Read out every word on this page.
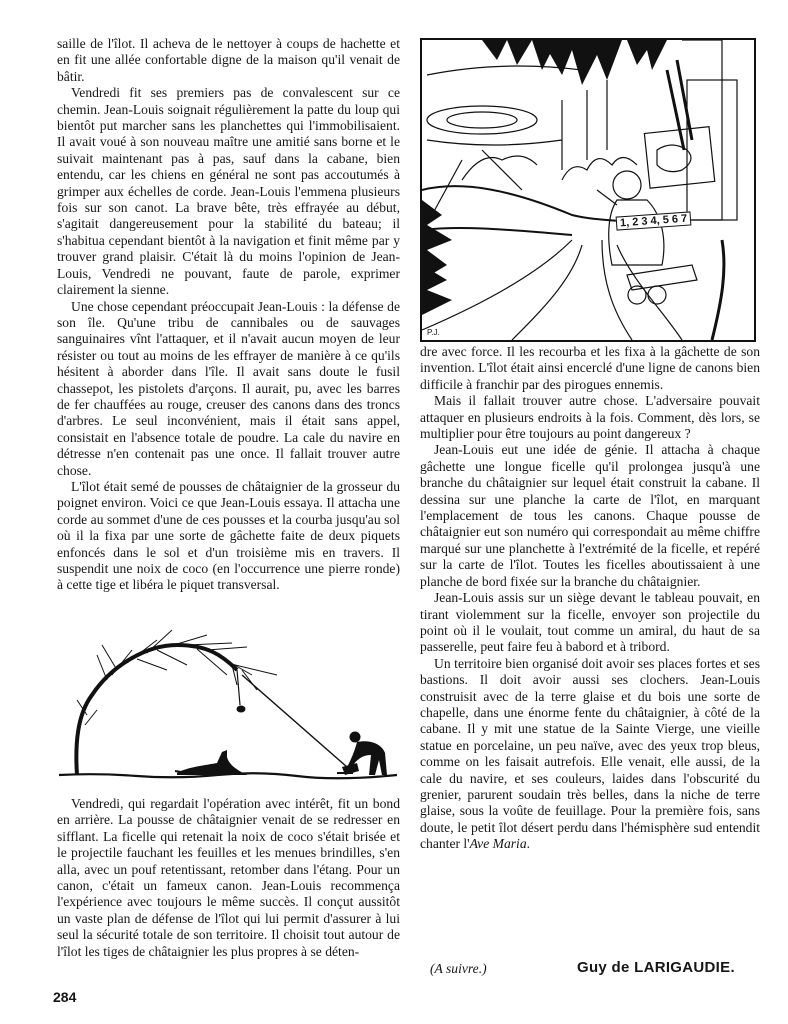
saille de l'îlot. Il acheva de le nettoyer à coups de hachette et en fit une allée confortable digne de la maison qu'il venait de bâtir.

Vendredi fit ses premiers pas de convalescent sur ce chemin. Jean-Louis soignait régulièrement la patte du loup qui bientôt put marcher sans les planchettes qui l'immobilisaient. Il avait voué à son nouveau maître une amitié sans borne et le suivait maintenant pas à pas, sauf dans la cabane, bien entendu, car les chiens en général ne sont pas accoutumés à grimper aux échelles de corde. Jean-Louis l'emmena plusieurs fois sur son canot. La brave bête, très effrayée au début, s'agitait dangereusement pour la stabilité du bateau; il s'habitua cependant bientôt à la navigation et finit même par y trouver grand plaisir. C'était là du moins l'opinion de Jean-Louis, Vendredi ne pouvant, faute de parole, exprimer clairement la sienne.

Une chose cependant préoccupait Jean-Louis : la défense de son île. Qu'une tribu de cannibales ou de sauvages sanguinaires vînt l'attaquer, et il n'avait aucun moyen de leur résister ou tout au moins de les effrayer de manière à ce qu'ils hésitent à aborder dans l'île. Il avait sans doute le fusil chassepot, les pistolets d'arçons. Il aurait, pu, avec les barres de fer chauffées au rouge, creuser des canons dans des troncs d'arbres. Le seul inconvénient, mais il était sans appel, consistait en l'absence totale de poudre. La cale du navire en détresse n'en contenait pas une once. Il fallait trouver autre chose.

L'îlot était semé de pousses de châtaignier de la grosseur du poignet environ. Voici ce que Jean-Louis essaya. Il attacha une corde au sommet d'une de ces pousses et la courba jusqu'au sol où il la fixa par une sorte de gâchette faite de deux piquets enfoncés dans le sol et d'un troisième mis en travers. Il suspendit une noix de coco (en l'occurrence une pierre ronde) à cette tige et libéra le piquet transversal.

Vendredi, qui regardait l'opération avec intérêt, fit un bond en arrière. La pousse de châtaignier venait de se redresser en sifflant. La ficelle qui retenait la noix de coco s'était brisée et le projectile fauchant les feuilles et les menues brindilles, s'en alla, avec un pouf retentissant, retomber dans l'étang. Pour un canon, c'était un fameux canon. Jean-Louis recommença l'expérience avec toujours le même succès. Il conçut aussitôt un vaste plan de défense de l'îlot qui lui permit d'assurer à lui seul la sécurité totale de son territoire. Il choisit tout autour de l'îlot les tiges de châtaignier les plus propres à se déten-

P.J.
1, 2 3 4, 5 6 7

dre avec force. Il les recourba et les fixa à la gâchette de son invention. L'îlot était ainsi encerclé d'une ligne de canons bien difficile à franchir par des pirogues ennemis.

Mais il fallait trouver autre chose. L'adversaire pouvait attaquer en plusieurs endroits à la fois. Comment, dès lors, se multiplier pour être toujours au point dangereux ?

Jean-Louis eut une idée de génie. Il attacha à chaque gâchette une longue ficelle qu'il prolongea jusqu'à une branche du châtaignier sur lequel était construit la cabane. Il dessina sur une planche la carte de l'îlot, en marquant l'emplacement de tous les canons. Chaque pousse de châtaignier eut son numéro qui correspondait au même chiffre marqué sur une planchette à l'extrémité de la ficelle, et repéré sur la carte de l'îlot. Toutes les ficelles aboutissaient à une planche de bord fixée sur la branche du châtaignier.

Jean-Louis assis sur un siège devant le tableau pouvait, en tirant violemment sur la ficelle, envoyer son projectile du point où il le voulait, tout comme un amiral, du haut de sa passerelle, peut faire feu à babord et à tribord.

Un territoire bien organisé doit avoir ses places fortes et ses bastions. Il doit avoir aussi ses clochers. Jean-Louis construisit avec de la terre glaise et du bois une sorte de chapelle, dans une énorme fente du châtaignier, à côté de la cabane. Il y mit une statue de la Sainte Vierge, une vieille statue en porcelaine, un peu naïve, avec des yeux trop bleus, comme on les faisait autrefois. Elle venait, elle aussi, de la cale du navire, et ses couleurs, laides dans l'obscurité du grenier, parurent soudain très belles, dans la niche de terre glaise, sous la voûte de feuillage. Pour la première fois, sans doute, le petit îlot désert perdu dans l'hémisphère sud entendit chanter l'Ave Maria.

(A suivre.)	Guy de LARIGAUDIE.
284
